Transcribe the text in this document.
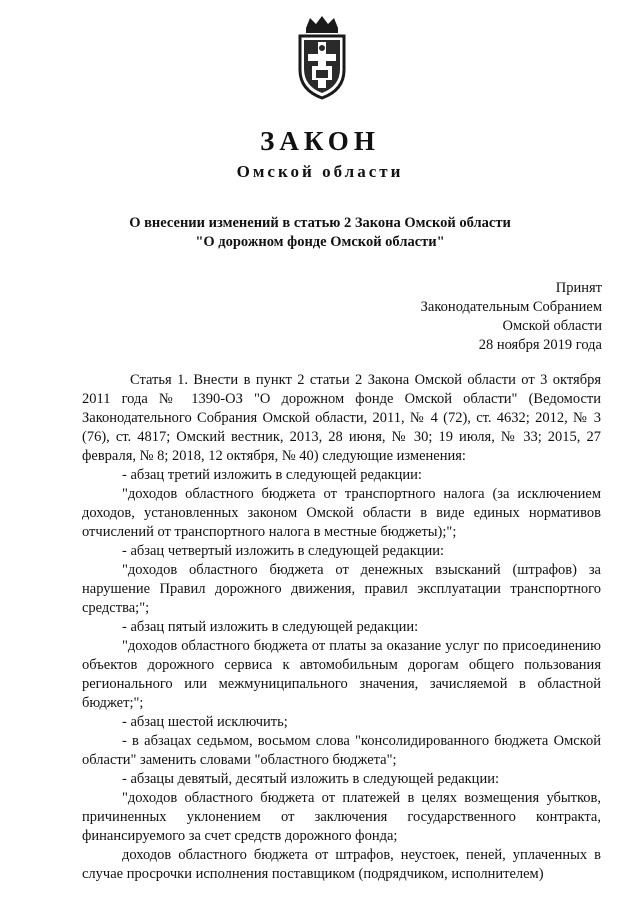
ЗАКОН
Омской области
О внесении изменений в статью 2 Закона Омской области
"О дорожном фонде Омской области"
Принят
Законодательным Собранием
Омской области
28 ноября 2019 года

Статья 1. Внести в пункт 2 статьи 2 Закона Омской области от 3 октября 2011 года № 1390-ОЗ "О дорожном фонде Омской области" (Ведомости Законодательного Собрания Омской области, 2011, № 4 (72), ст. 4632; 2012, № 3 (76), ст. 4817; Омский вестник, 2013, 28 июня, № 30; 19 июля, № 33; 2015, 27 февраля, № 8; 2018, 12 октября, № 40) следующие изменения:

- абзац третий изложить в следующей редакции:

"доходов областного бюджета от транспортного налога (за исключением доходов, установленных законом Омской области в виде единых нормативов отчислений от транспортного налога в местные бюджеты);";

- абзац четвертый изложить в следующей редакции:

"доходов областного бюджета от денежных взысканий (штрафов) за нарушение Правил дорожного движения, правил эксплуатации транспортного средства;";

- абзац пятый изложить в следующей редакции:

"доходов областного бюджета от платы за оказание услуг по присоединению объектов дорожного сервиса к автомобильным дорогам общего пользования регионального или межмуниципального значения, зачисляемой в областной бюджет;";

- абзац шестой исключить;

- в абзацах седьмом, восьмом слова "консолидированного бюджета Омской области" заменить словами "областного бюджета";

- абзацы девятый, десятый изложить в следующей редакции:

"доходов областного бюджета от платежей в целях возмещения убытков, причиненных уклонением от заключения государственного контракта, финансируемого за счет средств дорожного фонда;

доходов областного бюджета от штрафов, неустоек, пеней, уплаченных в случае просрочки исполнения поставщиком (подрядчиком, исполнителем)
